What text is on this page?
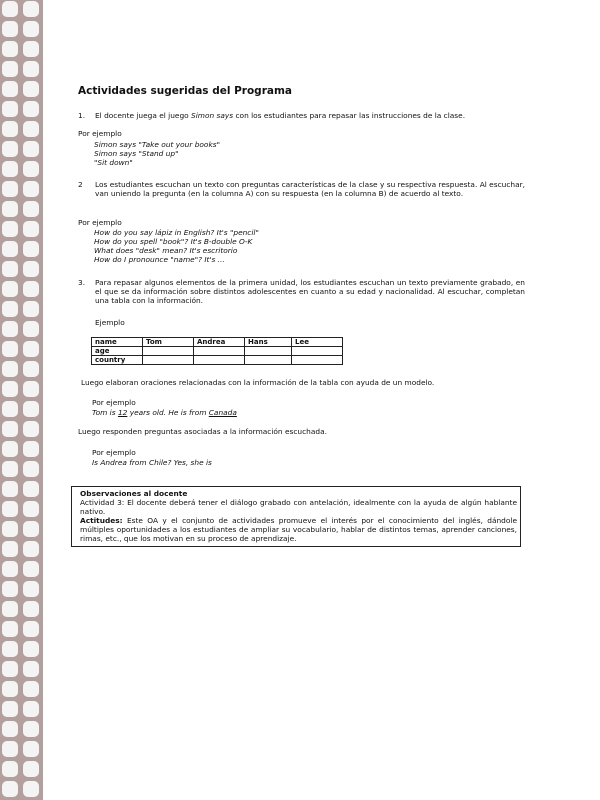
Actividades sugeridas del Programa
1.	El docente juega el juego Simon says con los estudiantes para repasar las instrucciones de la clase.
Por ejemplo
Simon says "Take out your books"
Simon says "Stand up"
"Sit down"
2	Los estudiantes escuchan un texto con preguntas características de la clase y su respectiva respuesta. Al escuchar, van uniendo la pregunta (en la columna A) con su respuesta (en la columna B) de acuerdo al texto.
Por ejemplo
How do you say lápiz in English? It's "pencil"
How do you spell "book"? It's B-double O-K
What does "desk" mean? It's escritorio
How do I pronounce "name"? It's ...
3.	Para repasar algunos elementos de la primera unidad, los estudiantes escuchan un texto previamente grabado, en el que se da información sobre distintos adolescentes en cuanto a su edad y nacionalidad. Al escuchar, completan una tabla con la información.
Ejemplo
name	Tom	Andrea	Hans	Lee
age				
country				
Luego elaboran oraciones relacionadas con la información de la tabla con ayuda de un modelo.
Por ejemplo
Tom is 12 years old. He is from Canada
Luego responden preguntas asociadas a la información escuchada.
Por ejemplo
Is Andrea from Chile? Yes, she is
Observaciones al docente

Actividad 3: El docente deberá tener el diálogo grabado con antelación, idealmente con la ayuda de algún hablante nativo.

Actitudes: Este OA y el conjunto de actividades promueve el interés por el conocimiento del inglés, dándole múltiples oportunidades a los estudiantes de ampliar su vocabulario, hablar de distintos temas, aprender canciones, rimas, etc., que los motivan en su proceso de aprendizaje.
